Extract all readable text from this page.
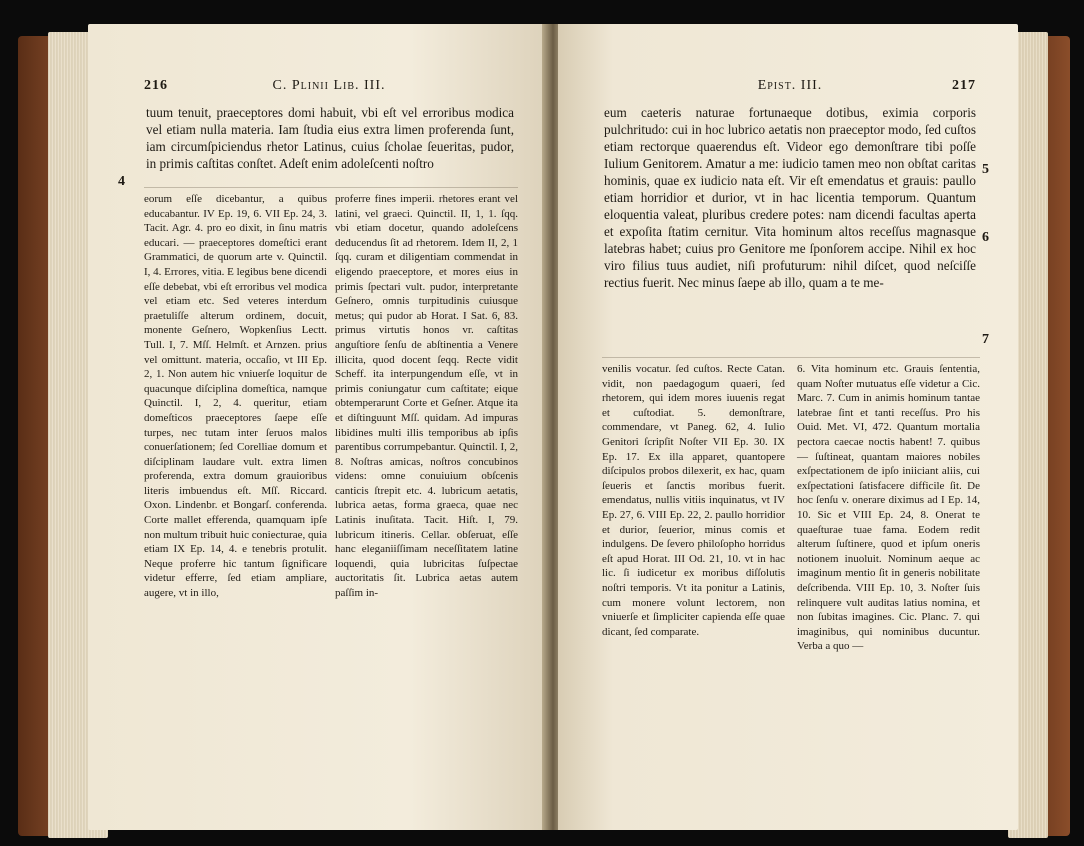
216	C. Plinii Lib. III.

tuum tenuit, praeceptores domi habuit, vbi eſt vel erroribus modica vel etiam nulla materia. Iam ſtudia eius extra limen proferenda ſunt, iam circumſpiciendus rhetor Latinus, cuius ſcholae ſeueritas, pudor, in primis caſtitas conſtet. Adeſt enim adoleſcenti noſtro

4

eorum eſſe dicebantur, a quibus educabantur. IV Ep. 19, 6. VII Ep. 24, 3. Tacit. Agr. 4. pro eo dixit, in ſinu matris educari. — praeceptores domeſtici erant Grammatici, de quorum arte v. Quinctil. I, 4. Errores, vitia. E legibus bene dicendi eſſe debebat, vbi eſt erroribus vel modica vel etiam etc. Sed veteres interdum praetuliſſe alterum ordinem, docuit, monente Geſnero, Wopkenſius Lectt. Tull. I, 7. Mſſ. Helmſt. et Arnzen. prius vel omittunt. materia, occaſio, vt III Ep. 2, 1. Non autem hic vniuerſe loquitur de quacunque diſciplina domeſtica, namque Quinctil. I, 2, 4. queritur, etiam domeſticos praeceptores ſaepe eſſe turpes, nec tutam inter ſeruos malos conuerſationem; ſed Corelliae domum et diſciplinam laudare vult. extra limen proferenda, extra domum grauioribus literis imbuendus eſt. Mſſ. Riccard. Oxon. Lindenbr. et Bongarſ. conferenda. Corte mallet efferenda, quamquam ipſe non multum tribuit huic coniecturae, quia etiam IX Ep. 14, 4. e tenebris protulit. Neque proferre hic tantum ſignificare videtur efferre, ſed etiam ampliare, augere, vt in illo,

proferre fines imperii. rhetores erant vel latini, vel graeci. Quinctil. II, 1, 1. ſqq. vbi etiam docetur, quando adoleſcens deducendus ſit ad rhetorem. Idem II, 2, 1 ſqq. curam et diligentiam commendat in eligendo praeceptore, et mores eius in primis ſpectari vult. pudor, interpretante Geſnero, omnis turpitudinis cuiusque metus; qui pudor ab Horat. I Sat. 6, 83. primus virtutis honos vr. caſtitas anguſtiore ſenſu de abſtinentia a Venere illicita, quod docent ſeqq. Recte vidit Scheff. ita interpungendum eſſe, vt in primis coniungatur cum caſtitate; eique obtemperarunt Corte et Geſner. Atque ita et diſtinguunt Mſſ. quidam. Ad impuras libidines multi illis temporibus ab ipſis parentibus corrumpebantur. Quinctil. I, 2, 8. Noſtras amicas, noſtros concubinos videns: omne conuiuium obſcenis canticis ſtrepit etc. 4. lubricum aetatis, lubrica aetas, forma graeca, quae nec Latinis inuſitata. Tacit. Hiſt. I, 79. lubricum itineris. Cellar. obſeruat, eſſe hanc eleganiiſſimam neceſſitatem latine loquendi, quia lubricitas ſuſpectae auctoritatis ſit. Lubrica aetas autem paſſim in-

Epist. III.	217

eum caeteris naturae fortunaeque dotibus, eximia corporis pulchritudo: cui in hoc lubrico aetatis non praeceptor modo, ſed cuſtos etiam rectorque quaerendus eſt. Videor ego demonſtrare tibi poſſe Iulium Genitorem. Amatur a me: iudicio tamen meo non obſtat caritas hominis, quae ex iudicio nata eſt. Vir eſt emendatus et grauis: paullo etiam horridior et durior, vt in hac licentia temporum. Quantum eloquentia valeat, pluribus credere potes: nam dicendi facultas aperta et expoſita ſtatim cernitur. Vita hominum altos receſſus magnasque latebras habet; cuius pro Genitore me ſponſorem accipe. Nihil ex hoc viro filius tuus audiet, niſi profuturum: nihil diſcet, quod neſciſſe rectius fuerit. Nec minus ſaepe ab illo, quam a te me-

5
6
7

venilis vocatur. ſed cuſtos. Recte Catan. vidit, non paedagogum quaeri, ſed rhetorem, qui idem mores iuuenis regat et cuſtodiat. 5. demonſtrare, commendare, vt Paneg. 62, 4. Iulio Genitori ſcripſit Noſter VII Ep. 30. IX Ep. 17. Ex illa apparet, quantopere diſcipulos probos dilexerit, ex hac, quam ſeueris et ſanctis moribus fuerit. emendatus, nullis vitiis inquinatus, vt IV Ep. 27, 6. VIII Ep. 22, 2. paullo horridior et durior, ſeuerior, minus comis et indulgens. De ſevero philoſopho horridus eſt apud Horat. III Od. 21, 10. vt in hac lic. ſi iudicetur ex moribus diſſolutis noſtri temporis. Vt ita ponitur a Latinis, cum monere volunt lectorem, non vniuerſe et ſimpliciter capienda eſſe quae dicant, ſed comparate.

6. Vita hominum etc. Grauis ſententia, quam Noſter mutuatus eſſe videtur a Cic. Marc. 7. Cum in animis hominum tantae latebrae ſint et tanti receſſus. Pro his Ouid. Met. VI, 472. Quantum mortalia pectora caecae noctis habent! 7. quibus — ſuſtineat, quantam maiores nobiles exſpectationem de ipſo iniiciant aliis, cui exſpectationi ſatisfacere difficile ſit. De hoc ſenſu v. onerare diximus ad I Ep. 14, 10. Sic et VIII Ep. 24, 8. Onerat te quaeſturae tuae fama. Eodem redit alterum ſuſtinere, quod et ipſum oneris notionem inuoluit. Nominum aeque ac imaginum mentio ſit in generis nobilitate deſcribenda. VIII Ep. 10, 3. Noſter ſuis relinquere vult auditas latius nomina, et non ſubitas imagines. Cic. Planc. 7. qui imaginibus, qui nominibus ducuntur. Verba a quo —
